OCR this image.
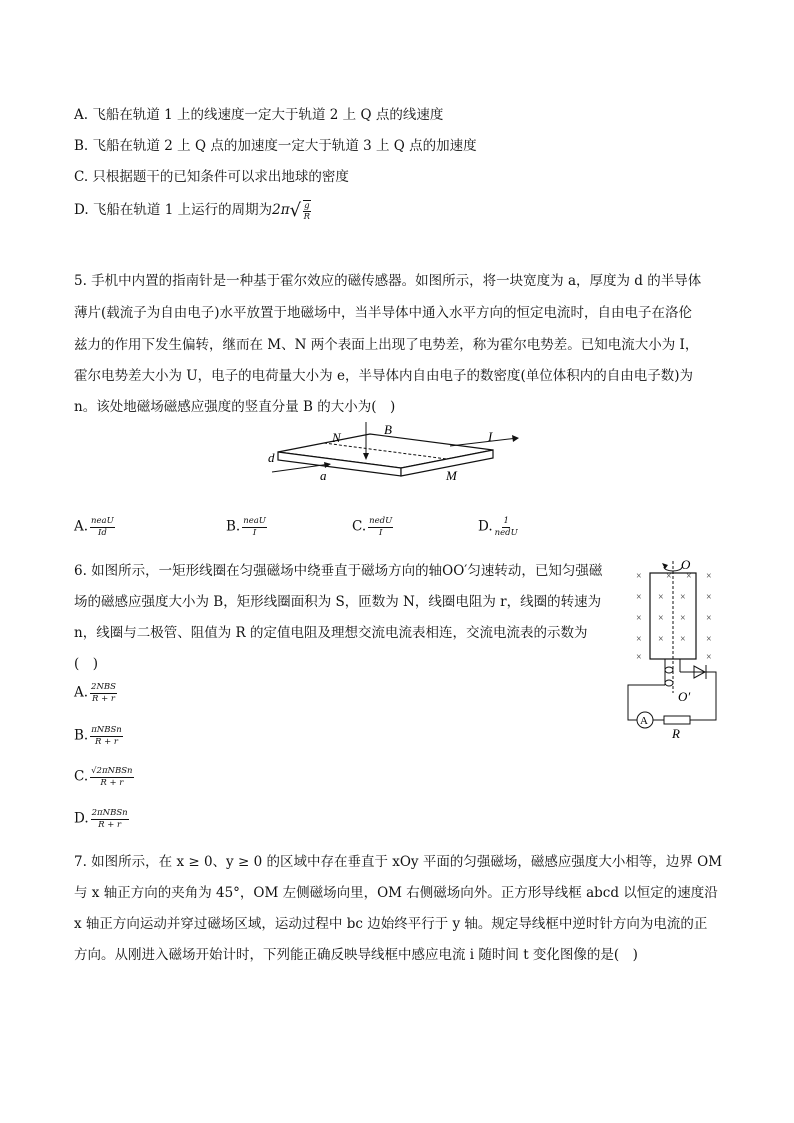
A. 飞船在轨道 1 上的线速度一定大于轨道 2 上 Q 点的线速度
B. 飞船在轨道 2 上 Q 点的加速度一定大于轨道 3 上 Q 点的加速度
C. 只根据题干的已知条件可以求出地球的密度
D. 飞船在轨道 1 上运行的周期为$2\pi√ \frac{g}{R}$
5. 手机中内置的指南针是一种基于霍尔效应的磁传感器。如图所示，将一块宽度为 a，厚度为 d 的半导体
薄片(载流子为自由电子)水平放置于地磁场中，当半导体中通入水平方向的恒定电流时，自由电子在洛伦
兹力的作用下发生偏转，继而在 M、N 两个表面上出现了电势差，称为霍尔电势差。已知电流大小为 I，
霍尔电势差大小为 U，电子的电荷量大小为 e，半导体内自由电子的数密度(单位体积内的自由电子数)为
n。该处地磁场磁感应强度的竖直分量 B 的大小为(　)
N
B	I
d
a	M
A. $\frac{\text{neaU}}{Id}$	B. $\frac{\text{neaU}}{I}$	C. $\frac{\text{nedU}}{I}$	D. $\frac{1}{\text{nedU}}$
6. 如图所示，一矩形线圈在匀强磁场中绕垂直于磁场方向的轴OO′匀速转动，已知匀强磁
场的磁感应强度大小为 B，矩形线圈面积为 S，匝数为 N，线圈电阻为 r，线圈的转速为
n，线圈与二极管、阻值为 R 的定值电阻及理想交流电流表相连，交流电流表的示数为
(　)
A. $\frac{\text{2NBS}}{R + r}$
B. $\frac{\text{πNBSn}}{R + r}$
C. $\frac{\text{√2πNBSn}}{R + r}$
D. $\frac{\text{2πNBSn}}{R + r}$
× × × ×
× × × ×
× × × ×
× × × ×
×	×
O
O′
A
R
7. 如图所示，在 x ≥ 0、y ≥ 0 的区域中存在垂直于 xOy 平面的匀强磁场，磁感应强度大小相等，边界 OM
与 x 轴正方向的夹角为 45°，OM 左侧磁场向里，OM 右侧磁场向外。正方形导线框 abcd 以恒定的速度沿
x 轴正方向运动并穿过磁场区域，运动过程中 bc 边始终平行于 y 轴。规定导线框中逆时针方向为电流的正
方向。从刚进入磁场开始计时，下列能正确反映导线框中感应电流 i 随时间 t 变化图像的是(　)
